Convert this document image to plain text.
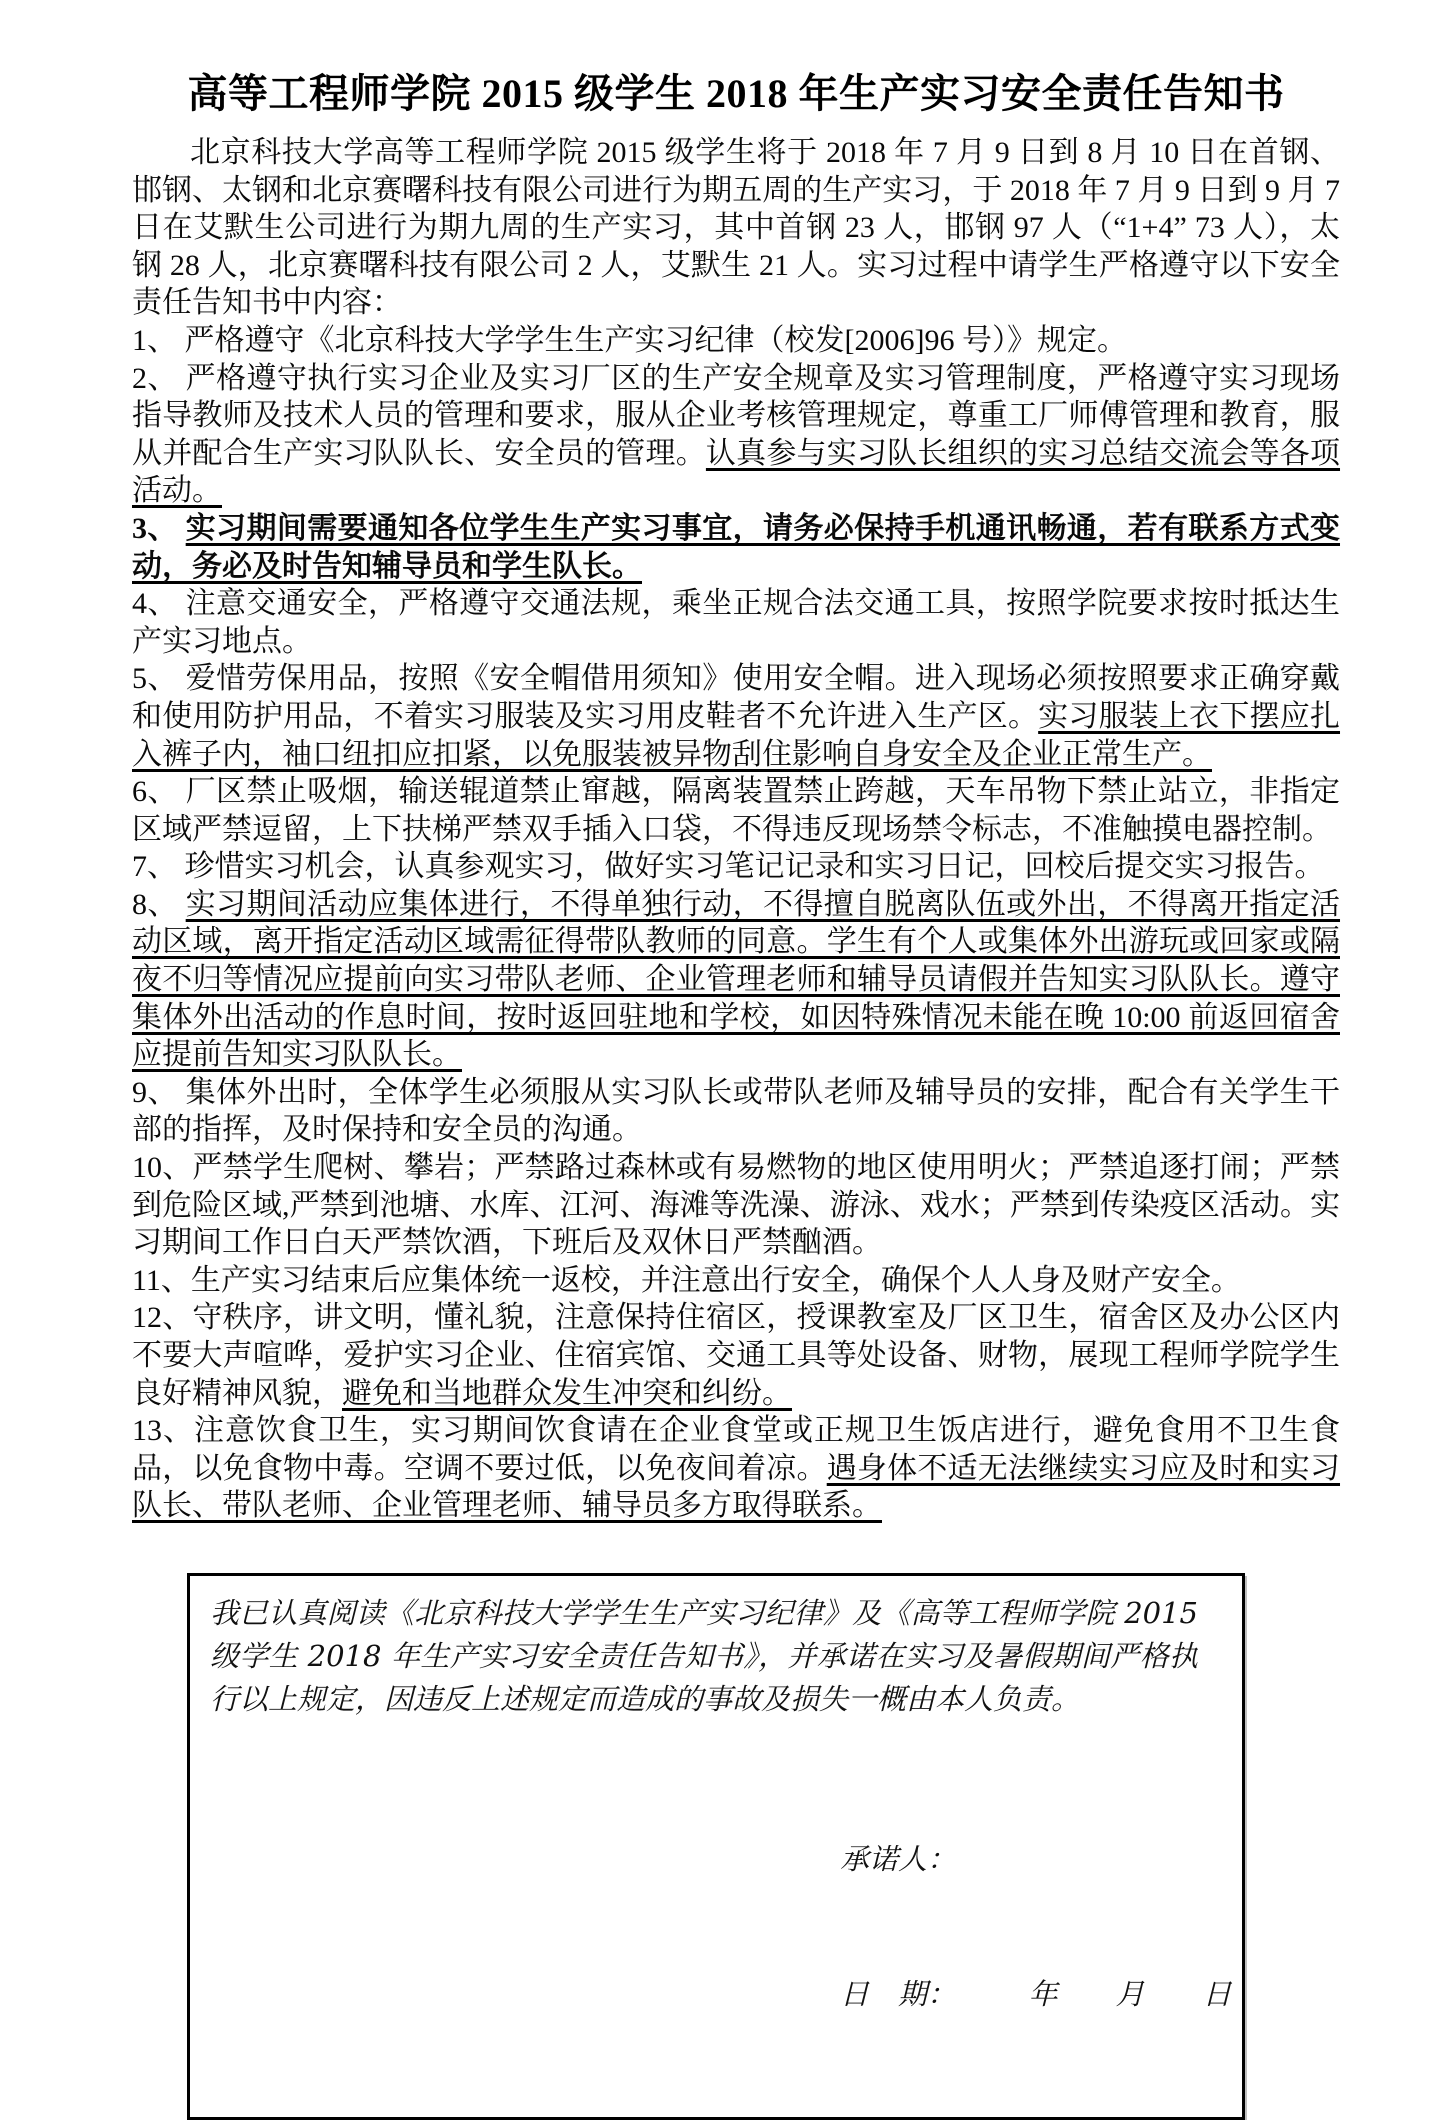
高等工程师学院 2015 级学生 2018 年生产实习安全责任告知书

北京科技大学高等工程师学院 2015 级学生将于 2018 年 7 月 9 日到 8 月 10 日在首钢、邯钢、太钢和北京赛曙科技有限公司进行为期五周的生产实习，于 2018 年 7 月 9 日到 9 月 7 日在艾默生公司进行为期九周的生产实习，其中首钢 23 人，邯钢 97 人（“1+4” 73 人），太钢 28 人，北京赛曙科技有限公司 2 人，艾默生 21 人。实习过程中请学生严格遵守以下安全责任告知书中内容：

1、 严格遵守《北京科技大学学生生产实习纪律（校发[2006]96 号）》规定。

2、 严格遵守执行实习企业及实习厂区的生产安全规章及实习管理制度，严格遵守实习现场指导教师及技术人员的管理和要求，服从企业考核管理规定，尊重工厂师傅管理和教育，服从并配合生产实习队队长、安全员的管理。认真参与实习队长组织的实习总结交流会等各项活动。

3、 实习期间需要通知各位学生生产实习事宜，请务必保持手机通讯畅通，若有联系方式变动，务必及时告知辅导员和学生队长。

4、 注意交通安全，严格遵守交通法规，乘坐正规合法交通工具，按照学院要求按时抵达生产实习地点。

5、 爱惜劳保用品，按照《安全帽借用须知》使用安全帽。进入现场必须按照要求正确穿戴和使用防护用品，不着实习服装及实习用皮鞋者不允许进入生产区。实习服装上衣下摆应扎入裤子内，袖口纽扣应扣紧，以免服装被异物刮住影响自身安全及企业正常生产。

6、 厂区禁止吸烟，输送辊道禁止窜越，隔离装置禁止跨越，天车吊物下禁止站立，非指定区域严禁逗留，上下扶梯严禁双手插入口袋，不得违反现场禁令标志，不准触摸电器控制。

7、 珍惜实习机会，认真参观实习，做好实习笔记记录和实习日记，回校后提交实习报告。

8、 实习期间活动应集体进行，不得单独行动，不得擅自脱离队伍或外出，不得离开指定活动区域，离开指定活动区域需征得带队教师的同意。学生有个人或集体外出游玩或回家或隔夜不归等情况应提前向实习带队老师、企业管理老师和辅导员请假并告知实习队队长。遵守集体外出活动的作息时间，按时返回驻地和学校，如因特殊情况未能在晚 10:00 前返回宿舍应提前告知实习队队长。

9、 集体外出时，全体学生必须服从实习队长或带队老师及辅导员的安排，配合有关学生干部的指挥，及时保持和安全员的沟通。

10、严禁学生爬树、攀岩；严禁路过森林或有易燃物的地区使用明火；严禁追逐打闹；严禁到危险区域,严禁到池塘、水库、江河、海滩等洗澡、游泳、戏水；严禁到传染疫区活动。实习期间工作日白天严禁饮酒，下班后及双休日严禁酗酒。

11、生产实习结束后应集体统一返校，并注意出行安全，确保个人人身及财产安全。

12、守秩序，讲文明，懂礼貌，注意保持住宿区，授课教室及厂区卫生，宿舍区及办公区内不要大声喧哗，爱护实习企业、住宿宾馆、交通工具等处设备、财物，展现工程师学院学生良好精神风貌，避免和当地群众发生冲突和纠纷。

13、注意饮食卫生，实习期间饮食请在企业食堂或正规卫生饭店进行，避免食用不卫生食品，以免食物中毒。空调不要过低，以免夜间着凉。遇身体不适无法继续实习应及时和实习队长、带队老师、企业管理老师、辅导员多方取得联系。

我已认真阅读《北京科技大学学生生产实习纪律》及《高等工程师学院 2015 级学生 2018 年生产实习安全责任告知书》，并承诺在实习及暑假期间严格执行以上规定，因违反上述规定而造成的事故及损失一概由本人负责。

承诺人：

日　期：　　　年　　月　　日
